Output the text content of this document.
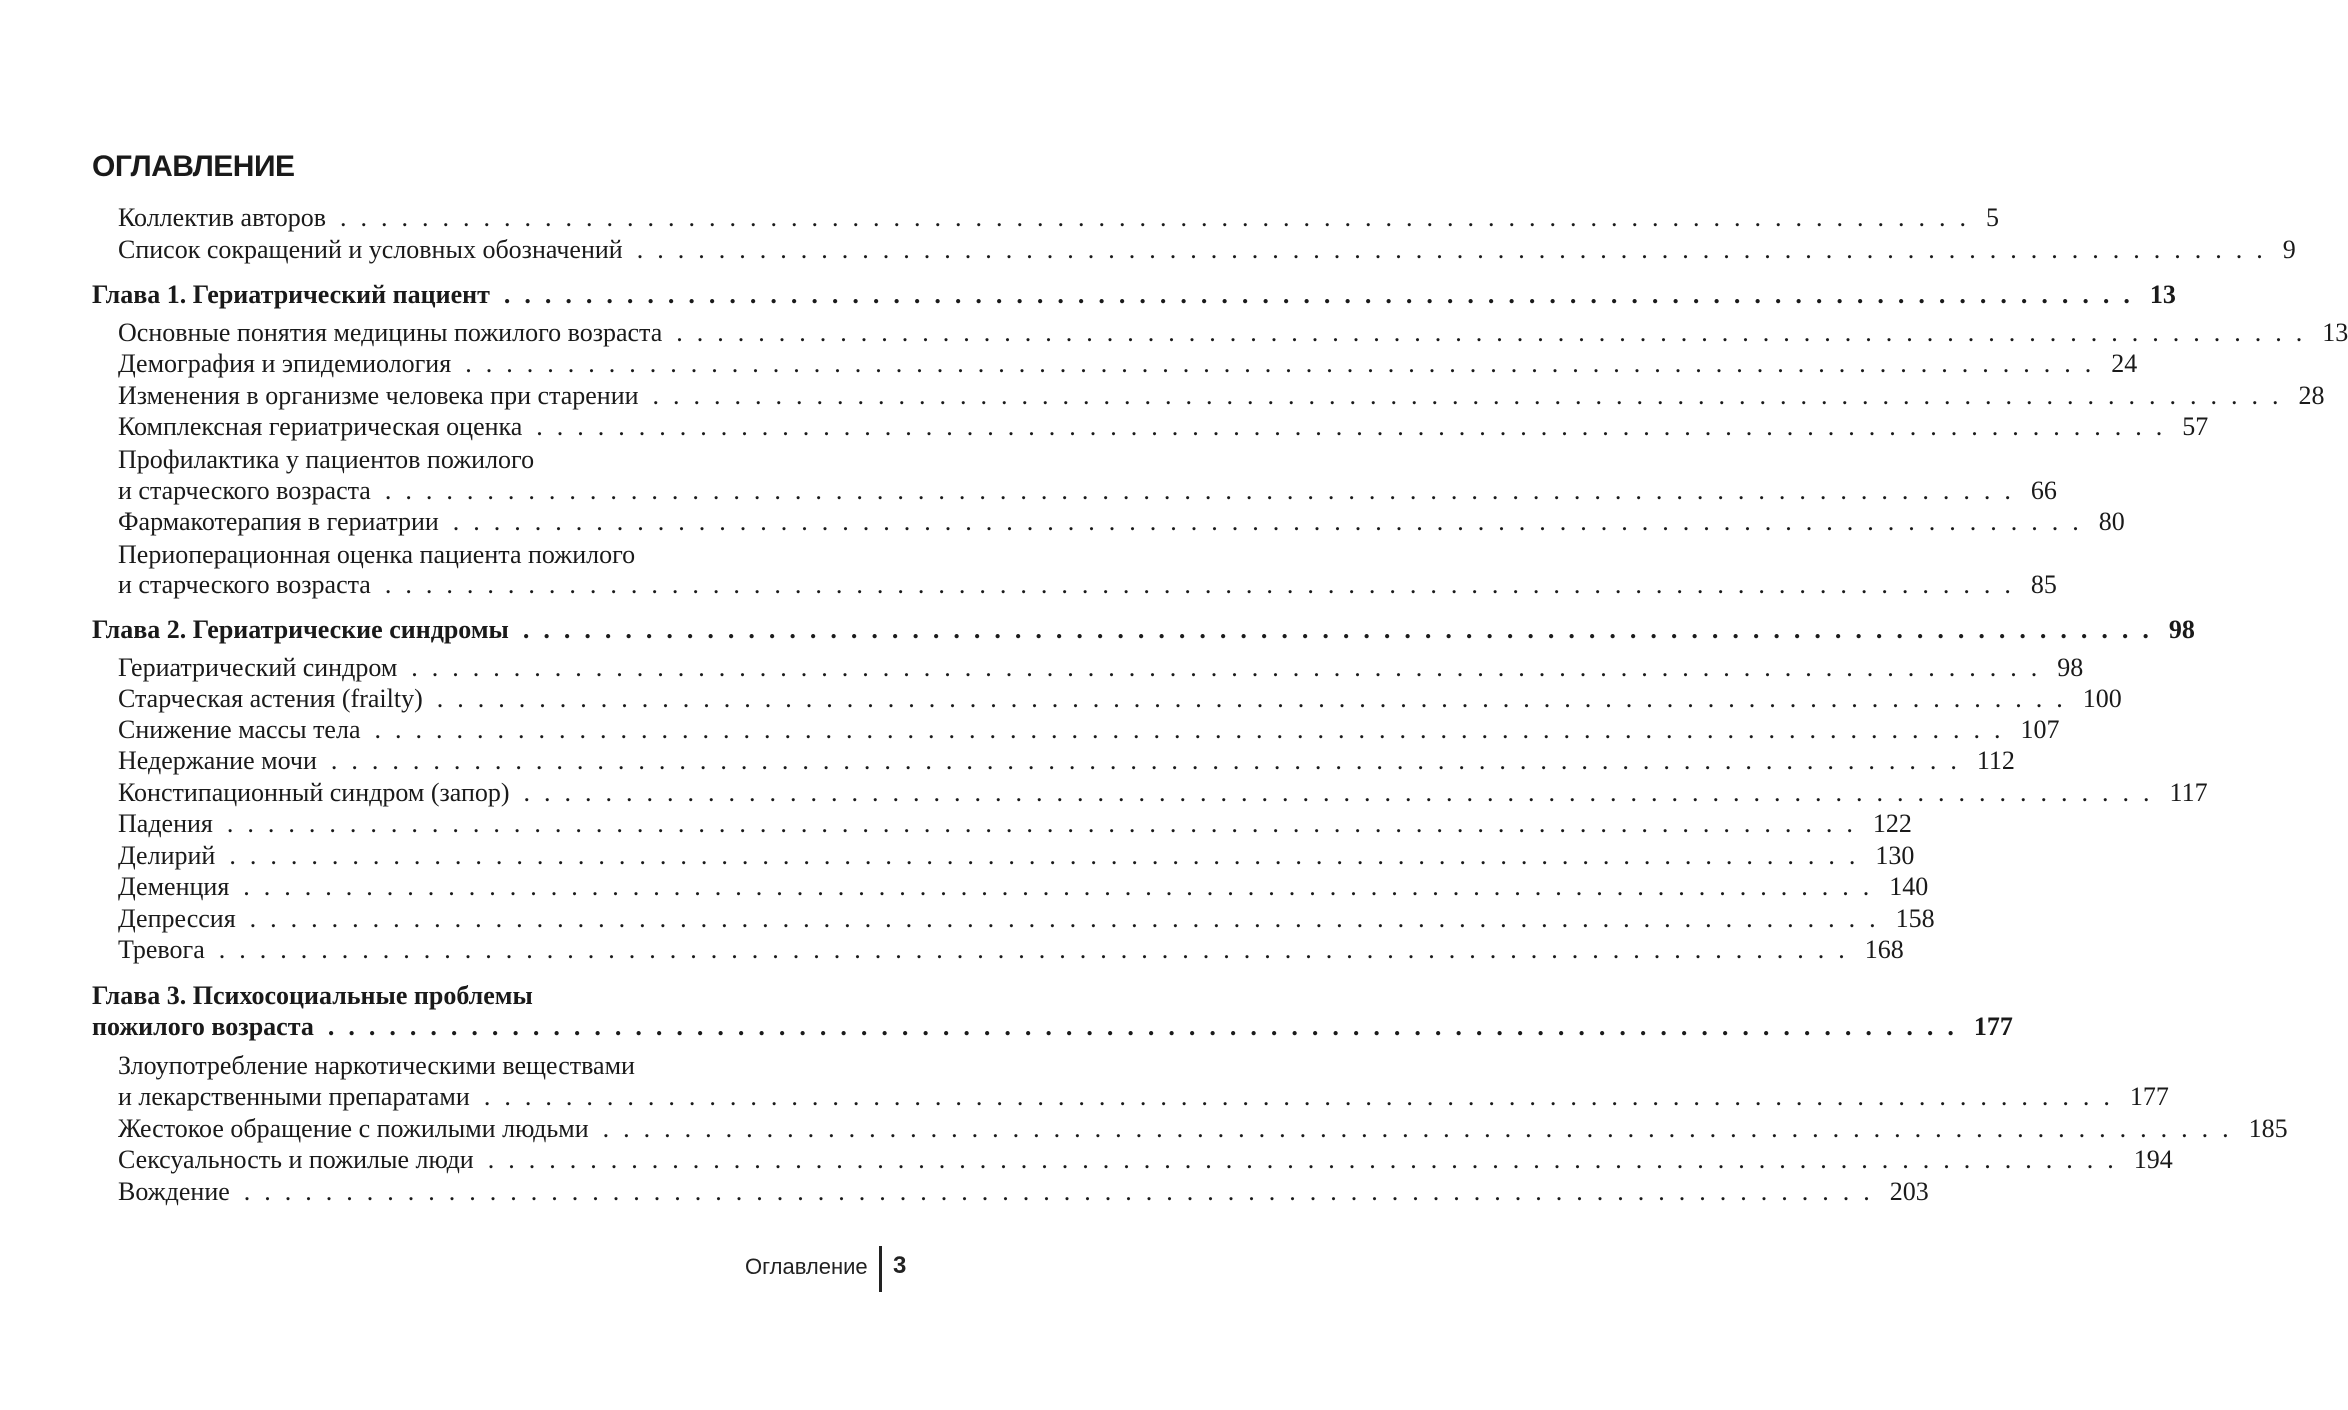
ОГЛАВЛЕНИЕ
Коллектив авторов ................................................................................ 5
Список сокращений и условных обозначений ................................................................................ 9
Глава 1. Гериатрический пациент ................................................................................ 13
Основные понятия медицины пожилого возраста ................................................................................ 13
Демография и эпидемиология ................................................................................ 24
Изменения в организме человека при старении ................................................................................ 28
Комплексная гериатрическая оценка ................................................................................ 57
Профилактика у пациентов пожилого
и старческого возраста ................................................................................ 66
Фармакотерапия в гериатрии ................................................................................ 80
Периоперационная оценка пациента пожилого
и старческого возраста ................................................................................ 85
Глава 2. Гериатрические синдромы ................................................................................ 98
Гериатрический синдром ................................................................................ 98
Старческая астения (frailty) ................................................................................ 100
Снижение массы тела ................................................................................ 107
Недержание мочи ................................................................................ 112
Констипационный синдром (запор) ................................................................................ 117
Падения ................................................................................ 122
Делирий ................................................................................ 130
Деменция ................................................................................ 140
Депрессия ................................................................................ 158
Тревога ................................................................................ 168
Глава 3. Психосоциальные проблемы
пожилого возраста ................................................................................ 177
Злоупотребление наркотическими веществами
и лекарственными препаратами ................................................................................ 177
Жестокое обращение с пожилыми людьми ................................................................................ 185
Сексуальность и пожилые люди ................................................................................ 194
Вождение ................................................................................ 203
Оглавление 3
